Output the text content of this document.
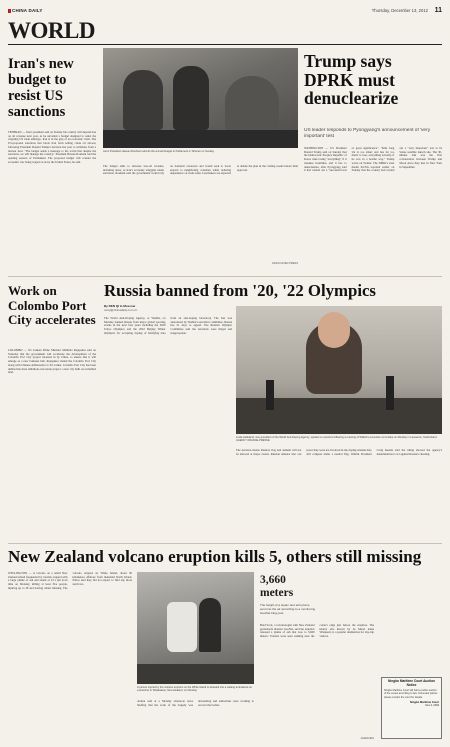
11
Thursday, December 13, 2012
CHINA DAILY
WORLD
Iran's new budget to resist US sanctions
TEHERAN — Iran's president said on Sunday his country will depend less on oil revenue next year, as he unveiled a budget designed to resist the crippling US trade embargo. Iran is in the grip of an economic crisis. The US-proposed sanctions that block Iran from selling crude oil abroad, following President Donald Trump's decision last year to withdraw from a nuclear deal. "The budget sends a message to the world that despite the sanctions, we will manage the country," President Hassan Rouhani told the opening session of Parliament. The proposed budget will counter the economic war being waged on us by the United States, he said.
Iran's President Hassan Rouhani submits the annual budget to Parliament in Teheran on Sunday.
The budget aims to increase non-oil revenue, including taxes, as Iran's economy struggles under sanctions. Rouhani said the government would rely on domestic resources and would seek to boost exports to neighboring countries while reducing dependence on crude sales. Lawmakers are expected to debate the plan in the coming weeks before final approval.
Trump says DPRK must denuclearize
US leader responds to Pyongyang's announcement of 'very important' test
WASHINGTON — US President Donald Trump said on Sunday that the Democratic People's Republic of Korea risks losing "everything" if it resumes hostilities and it has to denuclearize, after Pyongyang said it had carried out a "successful test of great significance". "Kim Jong Un is too smart and has far too much to lose, everything actually, if he acts in a hostile way," Trump wrote on Twitter. The DPRK's state media KCNA reported earlier on Sunday that the country had carried out a "very important" test at its Sohae satellite launch site. The 30-minute talk was the first conversation between Trump and Moon since they met in New York in September.
ASSOCIATED PRESS
Work on Colombo Port City accelerates
COLOMBO — Sri Lankan Prime Minister Mahinda Rajapaksa said on Saturday that his government will accelerate the development of the Colombo Port City project invested in by China, to ensure that it will emerge as a new business hub. Rajapaksa visited the Colombo Port City along with Chinese Ambassador to Sri Lanka. Colombo Port City has been dubbed the most ambitious real estate project, a new city built on reclaimed land.
Russia banned from '20, '22 Olympics
By REN QI in Moscow
renqi@chinadaily.com.cn
The World Anti-Doping Agency, or WADA, on Monday banned Russia from major global sporting events in the next four years including the 2020 Tokyo Olympics and the 2022 Beijing Winter Olympics for accepting doping of falsifying data from an anti-doping laboratory. The ban was announced by WADA's executive committee. Russia has 21 days to appeal. The Russian Olympic Committee said the sanctions were illegal and inappropriate.
Linda Helleland, vice-president of the World Anti-Doping Agency, speaks to reporters following a meeting of WADA's executive committee on Monday in Lausanne, Switzerland. AGENCY FRANCE-PRESSE
The decision means Russia's flag and anthem will not be allowed at major events. Russian athletes who can prove they were not involved in the doping scheme may still compete under a neutral flag. WADA President Craig Reedie said the ruling showed the agency's determination to act against Russia's cheating.
New Zealand volcano eruption kills 5, others still missing
WELLINGTON — A volcano on a small New Zealand island frequented by tourists erupted with a large plume of ash and steam at 2:11 pm local time on Monday, killing at least five people, injuring up to 30 and leaving others missing. The volcano erupted on White Island, about 50 kilometers offshore from mainland North Island. Police said they did not expect to find any more survivors.
A person injured by the volcano eruption on the White Island is wheeled into a waiting ambulance on a stretcher in Whakatane, New Zealand, on Monday.
Ardern said at a Monday afternoon news briefing that the scale of the tragedy was devastating and authorities were working to recover the bodies.
3,660 meters
The height of a steam and ash plume sent into the air according to a monitoring GeoNet blog post.
Brad Scott, a volcanologist with New Zealand geohazards monitor GeoNet, said the eruption released a plume of ash that rose to 3,660 meters. Tourists were seen walking near the crater's edge just before the eruption. The island, also known by its Maori name Whakaari, is a popular destination for day-trip visitors.
AGENCIES
Ningbo Maritime Court Auction Notice
Ningbo Maritime Court will hold a public auction of the vessel according to law. Interested parties please contact the court for details.
Ningbo Maritime Court
Dec 2, 2019
